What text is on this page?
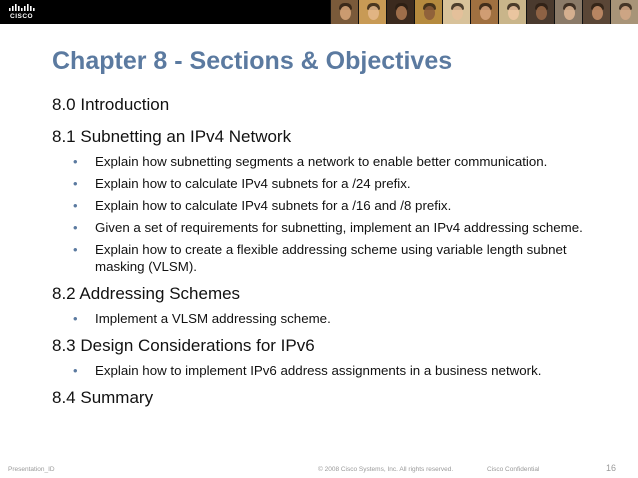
CISCO
Chapter 8 - Sections & Objectives
8.0 Introduction
8.1 Subnetting an IPv4 Network
• Explain how subnetting segments a network to enable better communication.
• Explain how to calculate IPv4 subnets for a /24 prefix.
• Explain how to calculate IPv4 subnets for a /16 and /8 prefix.
• Given a set of requirements for subnetting, implement an IPv4 addressing scheme.
• Explain how to create a flexible addressing scheme using variable length subnet masking (VLSM).
8.2 Addressing Schemes
• Implement a VLSM addressing scheme.
8.3 Design Considerations for IPv6
• Explain how to implement IPv6 address assignments in a business network.
8.4 Summary
Presentation_ID	© 2008 Cisco Systems, Inc. All rights reserved.	Cisco Confidential	16
